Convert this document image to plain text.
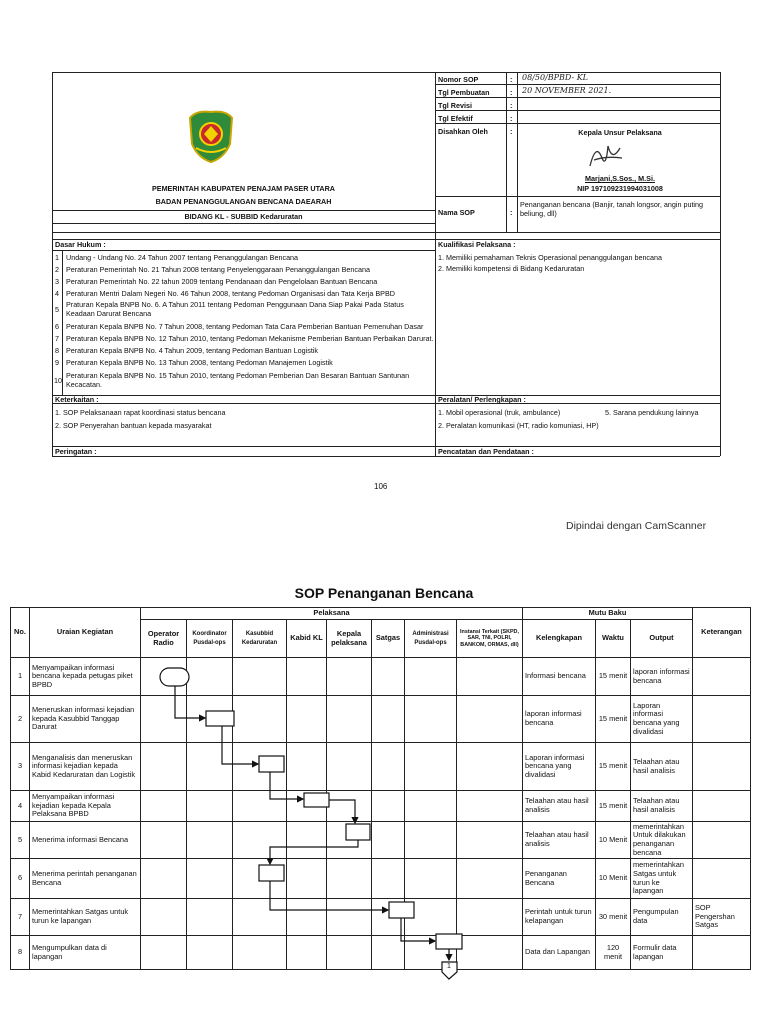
PEMERINTAH KABUPATEN PENAJAM PASER UTARA
BADAN PENANGGULANGAN BENCANA DAEARAH
BIDANG KL - SUBBID Kedaruratan
Nomor SOP	: 08/50/BPBD- KL
Tgl Pembuatan	: 20 NOVEMBER 2021.
Tgl Revisi	:
Tgl Efektif	:
Disahkan Oleh	:	Kepala Unsur Pelaksana
Marjani,S.Sos., M.Si.
NIP 197109231994031008
Nama SOP	:
Penanganan bencana (Banjir, tanah longsor, angin puting
beliung, dll)
Dasar Hukum :
1 Undang - Undang No. 24 Tahun 2007 tentang Penanggulangan Bencana
2 Peraturan Pemerintah No. 21 Tahun 2008 tentang Penyelenggaraan Penanggulangan Bencana
3 Peraturan Pemerintah No. 22 tahun 2009 tentang Pendanaan dan Pengelolaan Bantuan Bencana
4 Peraturan Mentri Dalam Negeri No. 46 Tahun 2008, tentang Pedoman Organisasi dan Tata Kerja BPBD
5
Praturan Kepala BNPB No. 6. A Tahun 2011 tentang Pedoman Penggunaan Dana Siap Pakai Pada Status
Keadaan Darurat Bencana
6 Peraturan Kepala BNPB No. 7 Tahun 2008, tentang Pedoman Tata Cara Pemberian Bantuan Pemenuhan Dasar
7 Peraturan Kepala BNPB No. 12 Tahun 2010, tentang Pedoman Mekanisme Pemberian Bantuan Perbaikan Darurat.
8 Peraturan Kepala BNPB No. 4 Tahun 2009, tentang Pedoman Bantuan Logistik
9 Peraturan Kepala BNPB No. 13 Tahun 2008, tentang Pedoman Manajemen Logistik
10
Peraturan Kepala BNPB No. 15 Tahun 2010, tentang Pedoman Pemberian Dan Besaran Bantuan Santunan
Kecacatan.
Kualifikasi Pelaksana :
1. Memiliki pemahaman Teknis Operasional penanggulangan bencana
2. Memiliki kompetensi di Bidang Kedaruratan
Keterkaitan :
1. SOP Pelaksanaan rapat koordinasi status bencana
2. SOP Penyerahan bantuan kepada masyarakat
Peralatan/ Perlengkapan :
1. Mobil operasional (truk, ambulance)	5. Sarana pendukung lainnya
2. Peralatan komunikasi (HT, radio komuniasi, HP)
Peringatan :	Pencatatan dan Pendataan :
106
Dipindai dengan CamScanner
SOP Penanganan Bencana
No.	Uraian Kegiatan	Pelaksana								Mutu Baku			Keterangan
		Operator Radio	Koordinator Pusdal-ops	Kasubbid Kedaruratan	Kabid KL	Kepala pelaksana	Satgas	Administrasi Pusdal-ops	Instansi Terkait (SKPD, SAR, TNI, POLRI, BANKOM, ORMAS, dll)	Kelengkapan	Waktu	Output	
1	Menyampaikan informasi bencana kepada petugas piket BPBD									Informasi bencana	15 menit	laporan informasi bencana	
2	Meneruskan informasi kejadian kepada Kasubbid Tanggap Darurat									laporan informasi bencana	15 menit	Laporan informasi bencana yang divalidasi	
3	Menganalisis dan meneruskan informasi kejadian kepada Kabid Kedaruratan dan Logistik									Laporan informasi bencana yang divalidasi	15 menit	Telaahan atau hasil analisis	
4	Menyampaikan informasi kejadian kepada Kepala Pelaksana BPBD									Telaahan atau hasil analisis	15 menit	Telaahan atau hasil analisis	
5	Menerima informasi Bencana									Telaahan atau hasil analisis	10 Menit	memerintahkan Untuk dilakukan penanganan bencana	
6	Menerima perintah penanganan Bencana									Penanganan Bencana	10 Menit	memerintahkan Satgas untuk turun ke lapangan	
7	Memerintahkan Satgas untuk turun ke lapangan									Perintah untuk turun kelapangan	30 menit	Pengumpulan data	SOP Pengershan Satgas
8	Mengumpulkan data di lapangan									Data dan Lapangan	120 menit	Formulir data lapangan	
1
